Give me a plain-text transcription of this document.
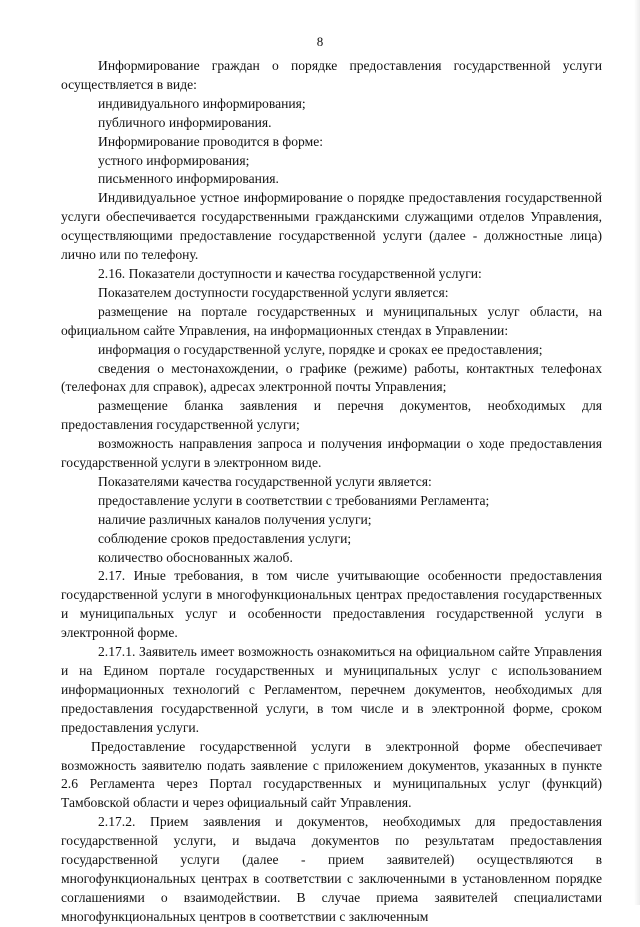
8

Информирование граждан о порядке предоставления государственной услуги осуществляется в виде:

индивидуального информирования;

публичного информирования.

Информирование проводится в форме:

устного информирования;

письменного информирования.

Индивидуальное устное информирование о порядке предоставления государственной услуги обеспечивается государственными гражданскими служащими отделов Управления, осуществляющими предоставление государственной услуги (далее - должностные лица) лично или по телефону.

2.16. Показатели доступности и качества государственной услуги:

Показателем доступности государственной услуги является:

размещение на портале государственных и муниципальных услуг области, на официальном сайте Управления, на информационных стендах в Управлении:

информация о государственной услуге, порядке и сроках ее предоставления;

сведения о местонахождении, о графике (режиме) работы, контактных телефонах (телефонах для справок), адресах электронной почты Управления;

размещение бланка заявления и перечня документов, необходимых для предоставления государственной услуги;

возможность направления запроса и получения информации о ходе предоставления государственной услуги в электронном виде.

Показателями качества государственной услуги является:

предоставление услуги в соответствии с требованиями Регламента;

наличие различных каналов получения услуги;

соблюдение сроков предоставления услуги;

количество обоснованных жалоб.

2.17. Иные требования, в том числе учитывающие особенности предоставления государственной услуги в многофункциональных центрах предоставления государственных и муниципальных услуг и особенности предоставления государственной услуги в электронной форме.

2.17.1. Заявитель имеет возможность ознакомиться на официальном сайте Управления и на Едином портале государственных и муниципальных услуг с использованием информационных технологий с Регламентом, перечнем документов, необходимых для предоставления государственной услуги, в том числе и в электронной форме, сроком предоставления услуги.

Предоставление государственной услуги в электронной форме обеспечивает возможность заявителю подать заявление с приложением документов, указанных в пункте 2.6 Регламента через Портал государственных и муниципальных услуг (функций) Тамбовской области и через официальный сайт Управления.

2.17.2. Прием заявления и документов, необходимых для предоставления государственной услуги, и выдача документов по результатам предоставления государственной услуги (далее - прием заявителей) осуществляются в многофункциональных центрах в соответствии с заключенными в установленном порядке соглашениями о взаимодействии. В случае приема заявителей специалистами многофункциональных центров в соответствии с заключенным
